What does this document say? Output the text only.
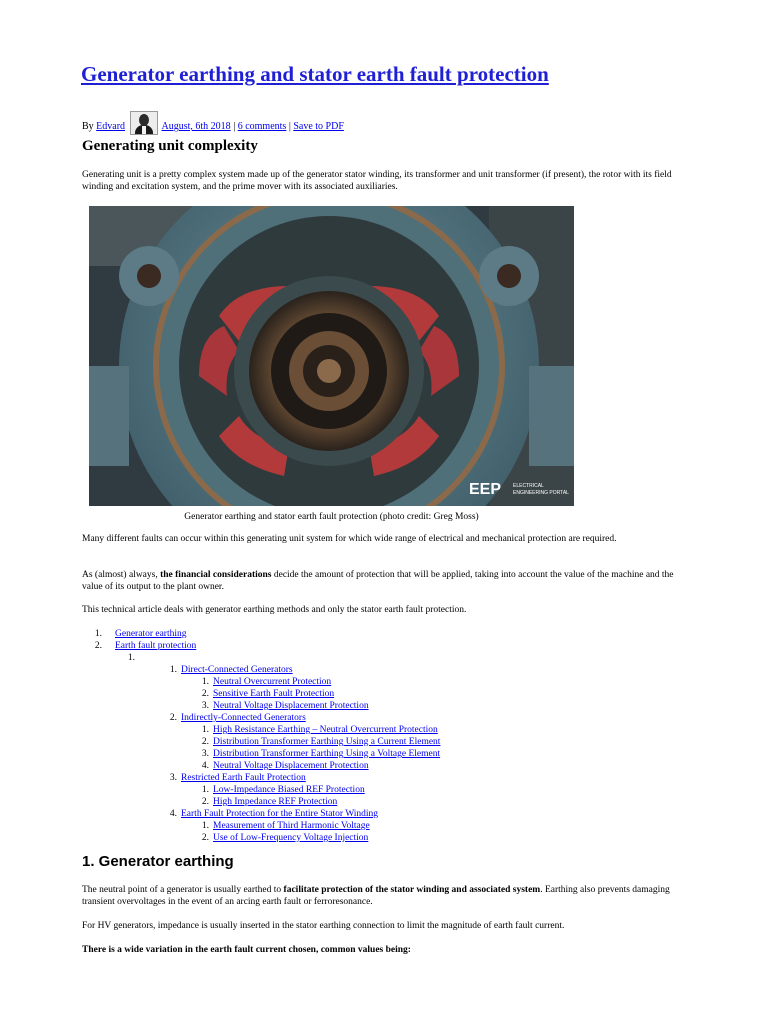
Generator earthing and stator earth fault protection
By Edvard	August, 6th 2018 | 6 comments | Save to PDF
Generating unit complexity

Generating unit is a pretty complex system made up of the generator stator winding, its transformer and unit transformer (if present), the rotor with its field winding and excitation system, and the prime mover with its associated auxiliaries.

EEP ELECTRICAL
ENGINEERING PORTAL
Generator earthing and stator earth fault protection (photo credit: Greg Moss)

Many different faults can occur within this generating unit system for which wide range of electrical and mechanical protection are required.

As (almost) always, the financial considerations decide the amount of protection that will be applied, taking into account the value of the machine and the value of its output to the plant owner.

This technical article deals with generator earthing methods and only the stator earth fault protection.

1. Generator earthing
2. Earth fault protection
1.
1. Direct-Connected Generators
1. Neutral Overcurrent Protection
2. Sensitive Earth Fault Protection
3. Neutral Voltage Displacement Protection
2. Indirectly-Connected Generators
1. High Resistance Earthing – Neutral Overcurrent Protection
2. Distribution Transformer Earthing Using a Current Element
3. Distribution Transformer Earthing Using a Voltage Element
4. Neutral Voltage Displacement Protection
3. Restricted Earth Fault Protection
1. Low-Impedance Biased REF Protection
2. High Impedance REF Protection
4. Earth Fault Protection for the Entire Stator Winding
1. Measurement of Third Harmonic Voltage
2. Use of Low-Frequency Voltage Injection
1. Generator earthing

The neutral point of a generator is usually earthed to facilitate protection of the stator winding and associated system. Earthing also prevents damaging transient overvoltages in the event of an arcing earth fault or ferroresonance.

For HV generators, impedance is usually inserted in the stator earthing connection to limit the magnitude of earth fault current.

There is a wide variation in the earth fault current chosen, common values being:
